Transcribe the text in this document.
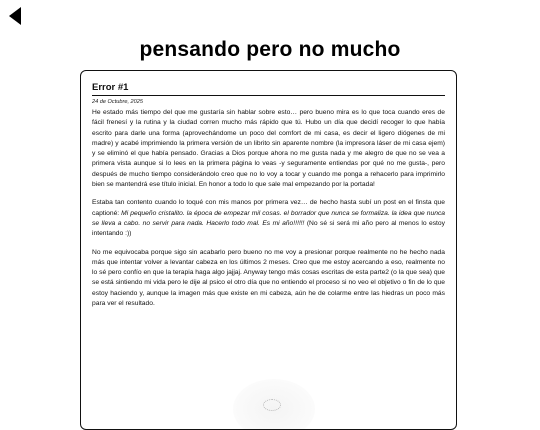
pensando pero no mucho
Error #1
24 de Octubre, 2025

He estado más tiempo del que me gustaría sin hablar sobre esto… pero bueno mira es lo que toca cuando eres de fácil frenesí y la rutina y la ciudad corren mucho más rápido que tú. Hubo un día que decidí recoger lo que había escrito para darle una forma (aprovechándome un poco del comfort de mi casa, es decir el ligero diógenes de mi madre) y acabé imprimiendo la primera versión de un librito sin aparente nombre (la impresora láser de mi casa ejem) y se eliminó el que había pensado. Gracias a Dios porque ahora no me gusta nada y me alegro de que no se vea a primera vista aunque si lo lees en la primera página lo veas -y seguramente entiendas por qué no me gusta-, pero después de mucho tiempo considerándolo creo que no lo voy a tocar y cuando me ponga a rehacerlo para imprimirlo bien se mantendrá ese título inicial. En honor a todo lo que sale mal empezando por la portada!

Estaba tan contento cuando lo toqué con mis manos por primera vez… de hecho hasta subí un post en el finsta que captioné: Mi pequeño cristalito. la época de empezar mil cosas. el borrador que nunca se formaliza. la idea que nunca se lleva a cabo. no servir para nada. Hacerlo todo mal. Es mi año!!!!!! (No sé si será mi año pero al menos lo estoy intentando :))

No me equivocaba porque sigo sin acabarlo pero bueno no me voy a presionar porque realmente no he hecho nada más que intentar volver a levantar cabeza en los últimos 2 meses. Creo que me estoy acercando a eso, realmente no lo sé pero confío en que la terapia haga algo jajjaj. Anyway tengo más cosas escritas de esta parte2 (o la que sea) que se está sintiendo mi vida pero le dije al psico el otro día que no entiendo el proceso si no veo el objetivo o fin de lo que estoy haciendo y, aunque la imagen más que existe en mi cabeza, aún he de colarme entre las hiedras un poco más para ver el resultado.
